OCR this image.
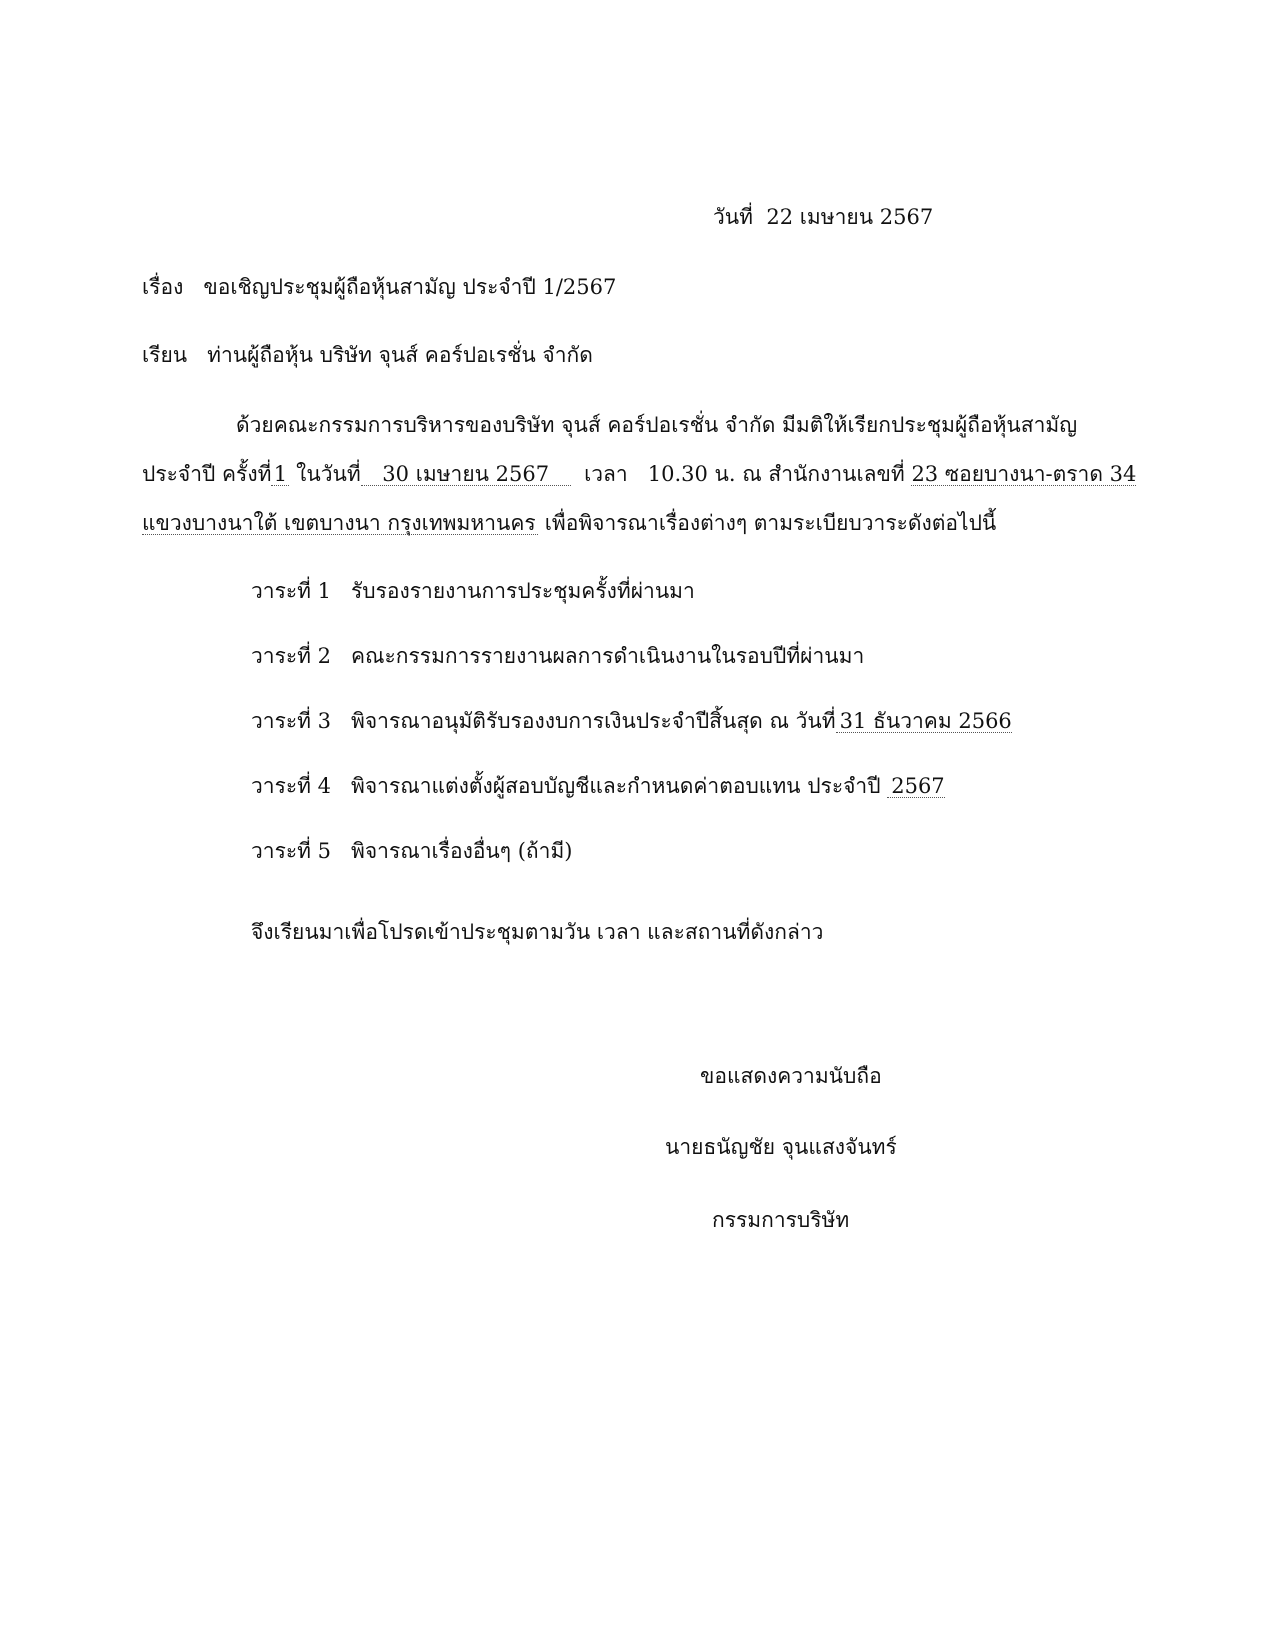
วันที่ 22 เมษายน 2567
เรื่อง ขอเชิญประชุมผู้ถือหุ้นสามัญ ประจำปี 1/2567
เรียน ท่านผู้ถือหุ้น บริษัท จุนส์ คอร์ปอเรชั่น จำกัด
ด้วยคณะกรรมการบริหารของบริษัท จุนส์ คอร์ปอเรชั่น จำกัด มีมติให้เรียกประชุมผู้ถือหุ้นสามัญ
ประจำปี ครั้งที่ 1 ในวันที่ 30 เมษายน 2567 เวลา 10.30 น. ณ สำนักงานเลขที่ 23 ซอยบางนา-ตราด 34
แขวงบางนาใต้ เขตบางนา กรุงเทพมหานคร เพื่อพิจารณาเรื่องต่างๆ ตามระเบียบวาระดังต่อไปนี้
วาระที่ 1 รับรองรายงานการประชุมครั้งที่ผ่านมา
วาระที่ 2 คณะกรรมการรายงานผลการดำเนินงานในรอบปีที่ผ่านมา
วาระที่ 3 พิจารณาอนุมัติรับรองงบการเงินประจำปีสิ้นสุด ณ วันที่ 31 ธันวาคม 2566
วาระที่ 4 พิจารณาแต่งตั้งผู้สอบบัญชีและกำหนดค่าตอบแทน ประจำปี 2567
วาระที่ 5 พิจารณาเรื่องอื่นๆ (ถ้ามี)
จึงเรียนมาเพื่อโปรดเข้าประชุมตามวัน เวลา และสถานที่ดังกล่าว
ขอแสดงความนับถือ
นายธนัญชัย จุนแสงจันทร์
กรรมการบริษัท
